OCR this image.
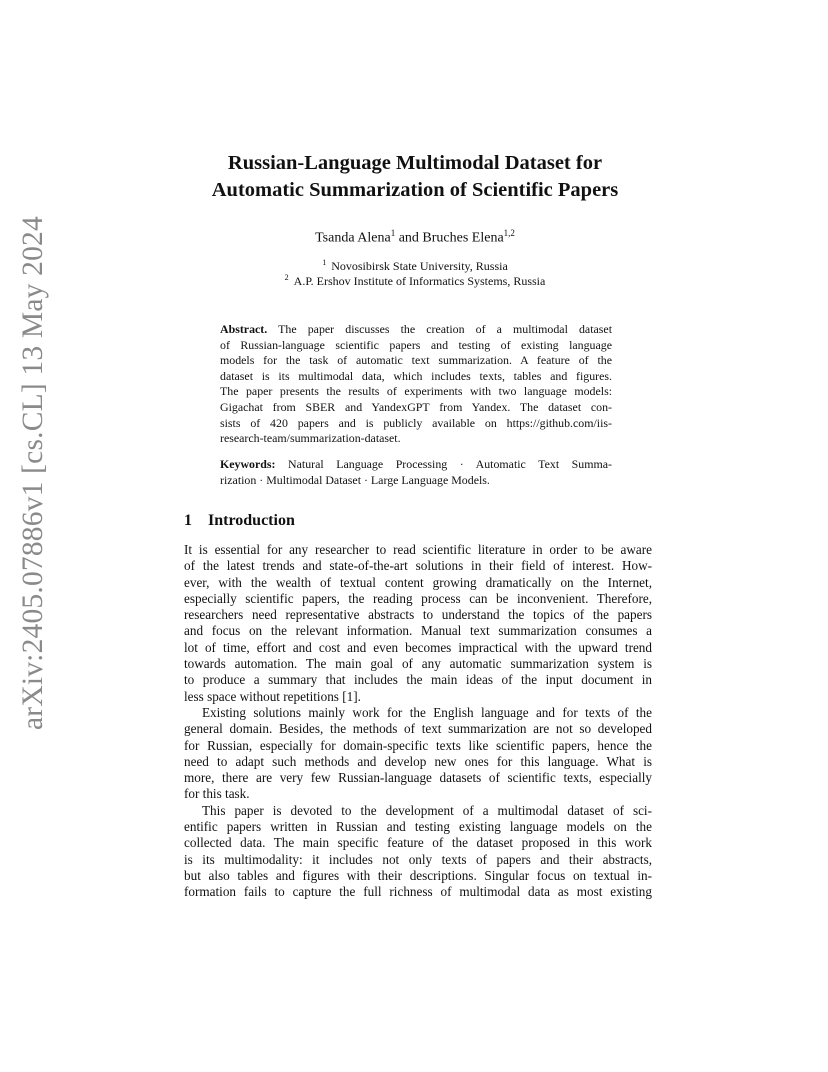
arXiv:2405.07886v1 [cs.CL] 13 May 2024
Russian-Language Multimodal Dataset for
Automatic Summarization of Scientific Papers
Tsanda Alena$^1$ and Bruches Elena$^{1,2}$
$^1$ Novosibirsk State University, Russia
$^2$ A.P. Ershov Institute of Informatics Systems, Russia
Abstract. The paper discusses the creation of a multimodal dataset
of Russian-language scientific papers and testing of existing language
models for the task of automatic text summarization. A feature of the
dataset is its multimodal data, which includes texts, tables and figures.
The paper presents the results of experiments with two language models:
Gigachat from SBER and YandexGPT from Yandex. The dataset con-
sists of 420 papers and is publicly available on https://github.com/iis-
research-team/summarization-dataset.
Keywords: Natural Language Processing · Automatic Text Summa-
rization · Multimodal Dataset · Large Language Models.
1 Introduction
It is essential for any researcher to read scientific literature in order to be aware
of the latest trends and state-of-the-art solutions in their field of interest. How-
ever, with the wealth of textual content growing dramatically on the Internet,
especially scientific papers, the reading process can be inconvenient. Therefore,
researchers need representative abstracts to understand the topics of the papers
and focus on the relevant information. Manual text summarization consumes a
lot of time, effort and cost and even becomes impractical with the upward trend
towards automation. The main goal of any automatic summarization system is
to produce a summary that includes the main ideas of the input document in
less space without repetitions [1].
Existing solutions mainly work for the English language and for texts of the
general domain. Besides, the methods of text summarization are not so developed
for Russian, especially for domain-specific texts like scientific papers, hence the
need to adapt such methods and develop new ones for this language. What is
more, there are very few Russian-language datasets of scientific texts, especially
for this task.
This paper is devoted to the development of a multimodal dataset of sci-
entific papers written in Russian and testing existing language models on the
collected data. The main specific feature of the dataset proposed in this work
is its multimodality: it includes not only texts of papers and their abstracts,
but also tables and figures with their descriptions. Singular focus on textual in-
formation fails to capture the full richness of multimodal data as most existing
